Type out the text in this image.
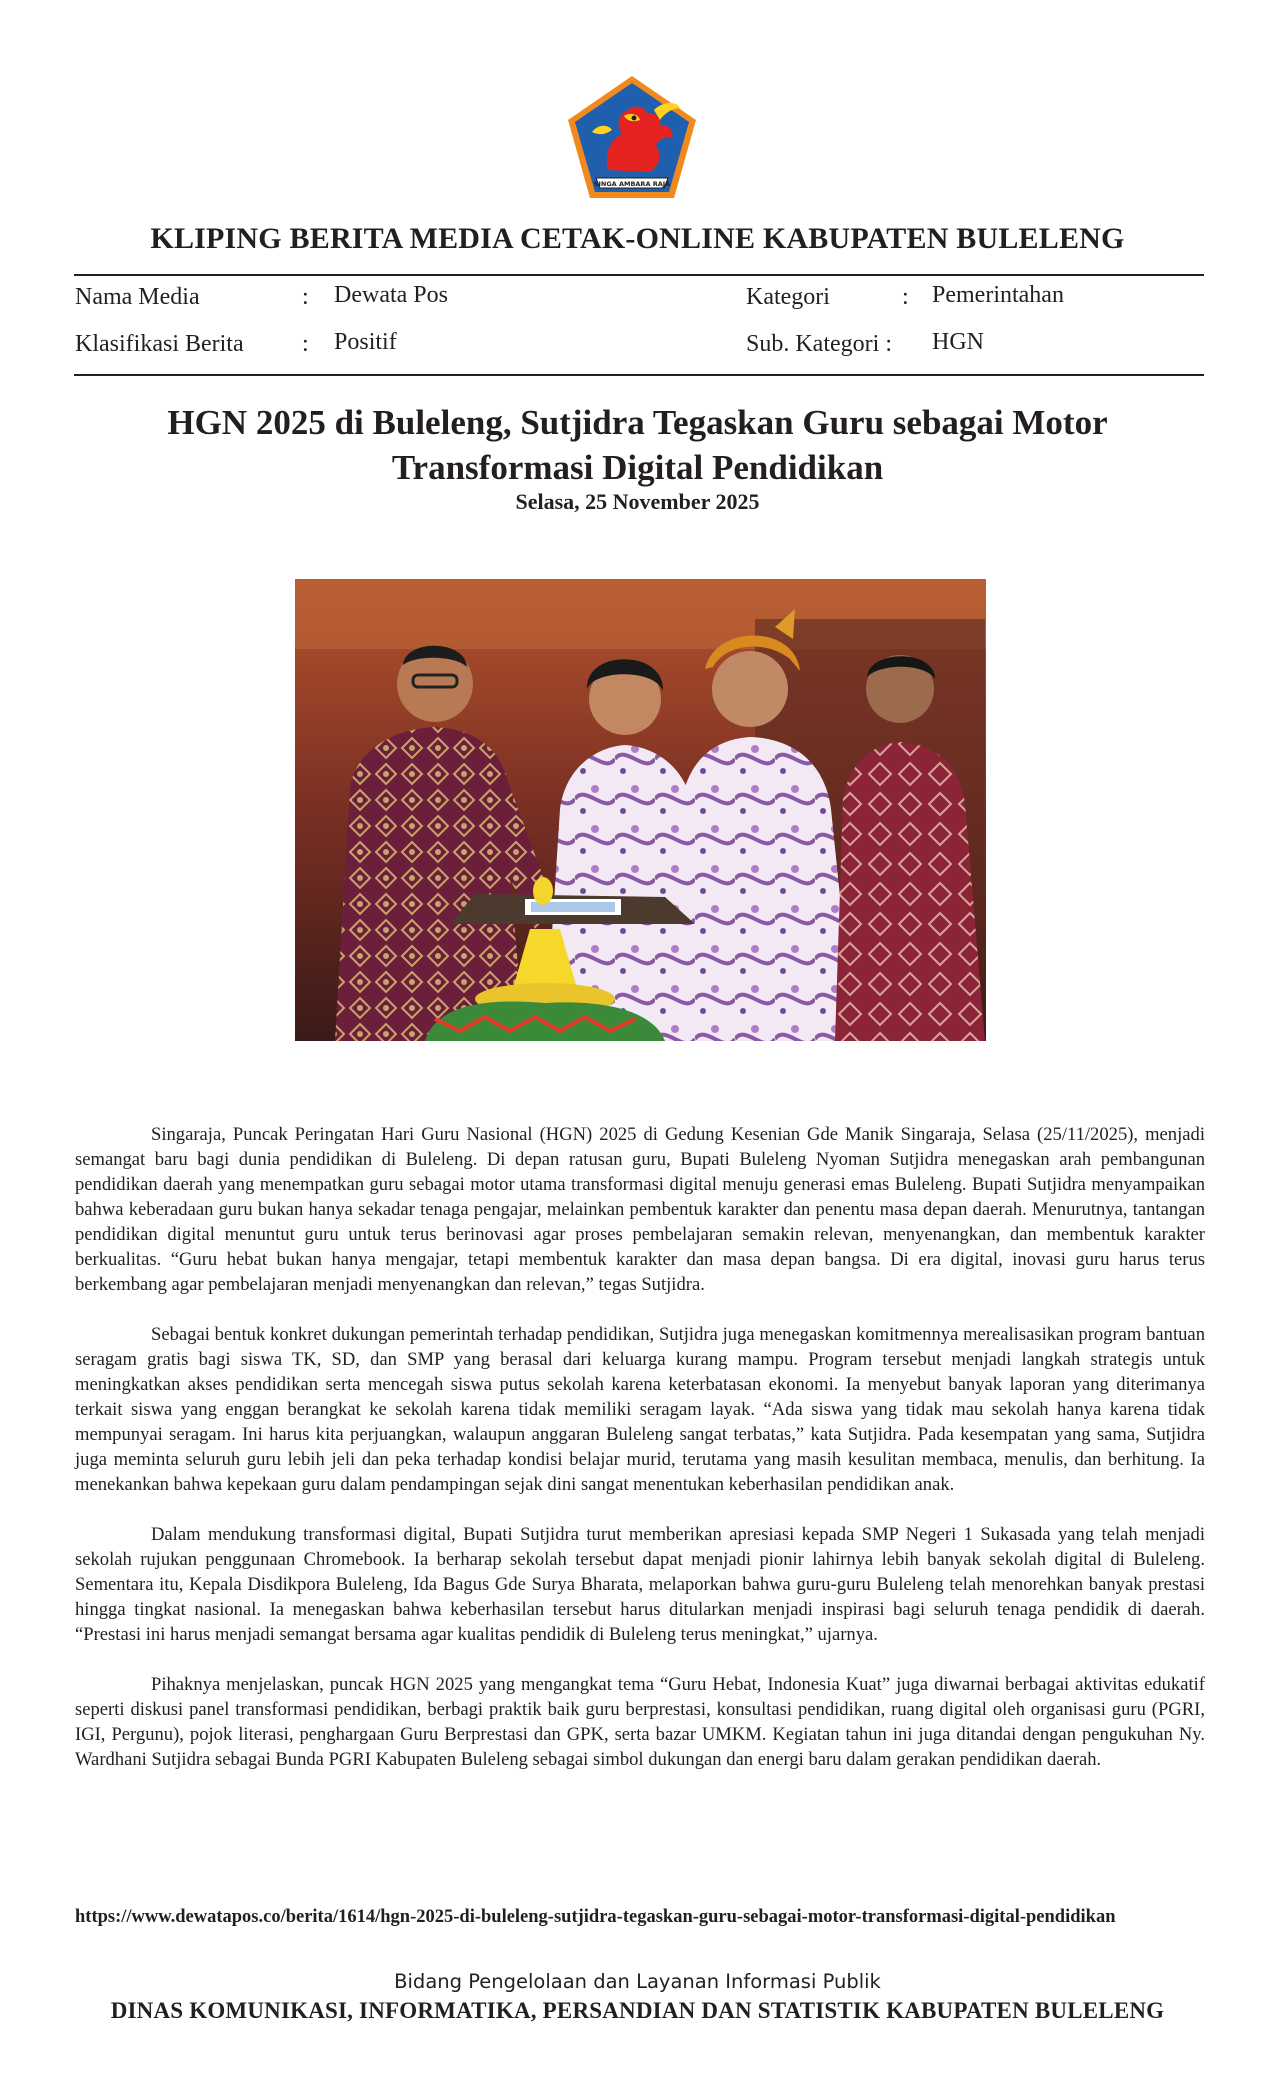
SINGA AMBARA RAJA
KLIPING BERITA MEDIA CETAK-ONLINE KABUPATEN BULELENG
Nama Media	: Dewata Pos
Klasifikasi Berita : Positif
Kategori	: Pemerintahan
Sub. Kategori : HGN
HGN 2025 di Buleleng, Sutjidra Tegaskan Guru sebagai Motor
Transformasi Digital Pendidikan
Selasa, 25 November 2025

Singaraja, Puncak Peringatan Hari Guru Nasional (HGN) 2025 di Gedung Kesenian Gde Manik Singaraja, Selasa (25/11/2025), menjadi semangat baru bagi dunia pendidikan di Buleleng. Di depan ratusan guru, Bupati Buleleng Nyoman Sutjidra menegaskan arah pembangunan pendidikan daerah yang menempatkan guru sebagai motor utama transformasi digital menuju generasi emas Buleleng. Bupati Sutjidra menyampaikan bahwa keberadaan guru bukan hanya sekadar tenaga pengajar, melainkan pembentuk karakter dan penentu masa depan daerah. Menurutnya, tantangan pendidikan digital menuntut guru untuk terus berinovasi agar proses pembelajaran semakin relevan, menyenangkan, dan membentuk karakter berkualitas. “Guru hebat bukan hanya mengajar, tetapi membentuk karakter dan masa depan bangsa. Di era digital, inovasi guru harus terus berkembang agar pembelajaran menjadi menyenangkan dan relevan,” tegas Sutjidra.

Sebagai bentuk konkret dukungan pemerintah terhadap pendidikan, Sutjidra juga menegaskan komitmennya merealisasikan program bantuan seragam gratis bagi siswa TK, SD, dan SMP yang berasal dari keluarga kurang mampu. Program tersebut menjadi langkah strategis untuk meningkatkan akses pendidikan serta mencegah siswa putus sekolah karena keterbatasan ekonomi. Ia menyebut banyak laporan yang diterimanya terkait siswa yang enggan berangkat ke sekolah karena tidak memiliki seragam layak. “Ada siswa yang tidak mau sekolah hanya karena tidak mempunyai seragam. Ini harus kita perjuangkan, walaupun anggaran Buleleng sangat terbatas,” kata Sutjidra. Pada kesempatan yang sama, Sutjidra juga meminta seluruh guru lebih jeli dan peka terhadap kondisi belajar murid, terutama yang masih kesulitan membaca, menulis, dan berhitung. Ia menekankan bahwa kepekaan guru dalam pendampingan sejak dini sangat menentukan keberhasilan pendidikan anak.

Dalam mendukung transformasi digital, Bupati Sutjidra turut memberikan apresiasi kepada SMP Negeri 1 Sukasada yang telah menjadi sekolah rujukan penggunaan Chromebook. Ia berharap sekolah tersebut dapat menjadi pionir lahirnya lebih banyak sekolah digital di Buleleng. Sementara itu, Kepala Disdikpora Buleleng, Ida Bagus Gde Surya Bharata, melaporkan bahwa guru-guru Buleleng telah menorehkan banyak prestasi hingga tingkat nasional. Ia menegaskan bahwa keberhasilan tersebut harus ditularkan menjadi inspirasi bagi seluruh tenaga pendidik di daerah. “Prestasi ini harus menjadi semangat bersama agar kualitas pendidik di Buleleng terus meningkat,” ujarnya.

Pihaknya menjelaskan, puncak HGN 2025 yang mengangkat tema “Guru Hebat, Indonesia Kuat” juga diwarnai berbagai aktivitas edukatif seperti diskusi panel transformasi pendidikan, berbagi praktik baik guru berprestasi, konsultasi pendidikan, ruang digital oleh organisasi guru (PGRI, IGI, Pergunu), pojok literasi, penghargaan Guru Berprestasi dan GPK, serta bazar UMKM. Kegiatan tahun ini juga ditandai dengan pengukuhan Ny. Wardhani Sutjidra sebagai Bunda PGRI Kabupaten Buleleng sebagai simbol dukungan dan energi baru dalam gerakan pendidikan daerah.

https://www.dewatapos.co/berita/1614/hgn-2025-di-buleleng-sutjidra-tegaskan-guru-sebagai-motor-transformasi-digital-pendidikan
Bidang Pengelolaan dan Layanan Informasi Publik
DINAS KOMUNIKASI, INFORMATIKA, PERSANDIAN DAN STATISTIK KABUPATEN BULELENG
